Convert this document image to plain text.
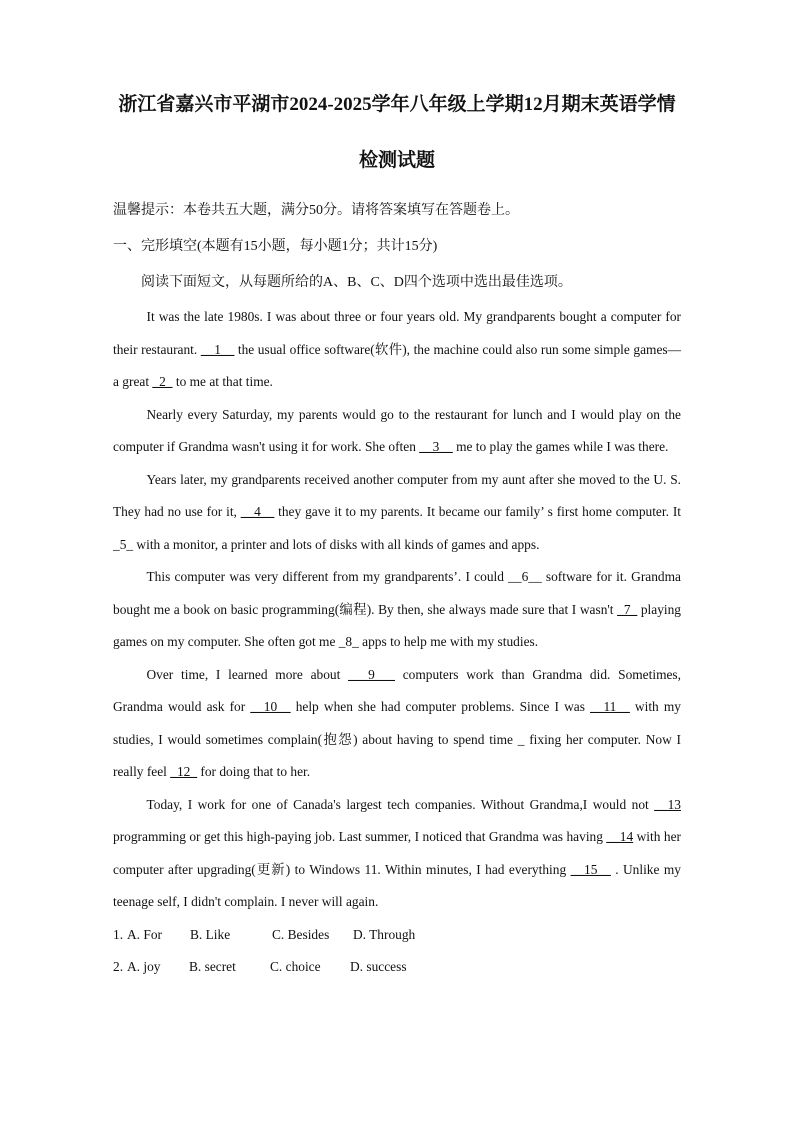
浙江省嘉兴市平湖市2024-2025学年八年级上学期12月期末英语学情
检测试题

温馨提示：本卷共五大题，满分50分。请将答案填写在答题卷上。

一、完形填空(本题有15小题，每小题1分；共计15分)

阅读下面短文，从每题所给的A、B、C、D四个选项中选出最佳选项。

It was the late 1980s. I was about three or four years old. My grandparents bought a computer for their restaurant. __1__ the usual office software(软件), the machine could also run some simple games—a great _2_ to me at that time.

Nearly every Saturday, my parents would go to the restaurant for lunch and I would play on the computer if Grandma wasn't using it for work. She often __3__ me to play the games while I was there.

Years later, my grandparents received another computer from my aunt after she moved to the U. S. They had no use for it, __4__ they gave it to my parents. It became our family’ s first home computer. It _5_ with a monitor, a printer and lots of disks with all kinds of games and apps.

This computer was very different from my grandparents’. I could __6__ software for it. Grandma bought me a book on basic programming(编程). By then, she always made sure that I wasn't _7_ playing games on my computer. She often got me _8_ apps to help me with my studies.

Over time, I learned more about ___9___ computers work than Grandma did. Sometimes, Grandma would ask for __10__ help when she had computer problems. Since I was __11__ with my studies, I would sometimes complain(抱怨) about having to spend time _ fixing her computer. Now I really feel _12_ for doing that to her.

Today, I work for one of Canada's largest tech companies. Without Grandma,I would not __13 programming or get this high-paying job. Last summer, I noticed that Grandma was having __14 with her computer after upgrading(更新) to Windows 11. Within minutes, I had everything __15__ . Unlike my teenage self, I didn't complain. I never will again.

1. A. For	B. Like	C. Besides	D. Through
2. A. joy	B. secret	C. choice	D. success
